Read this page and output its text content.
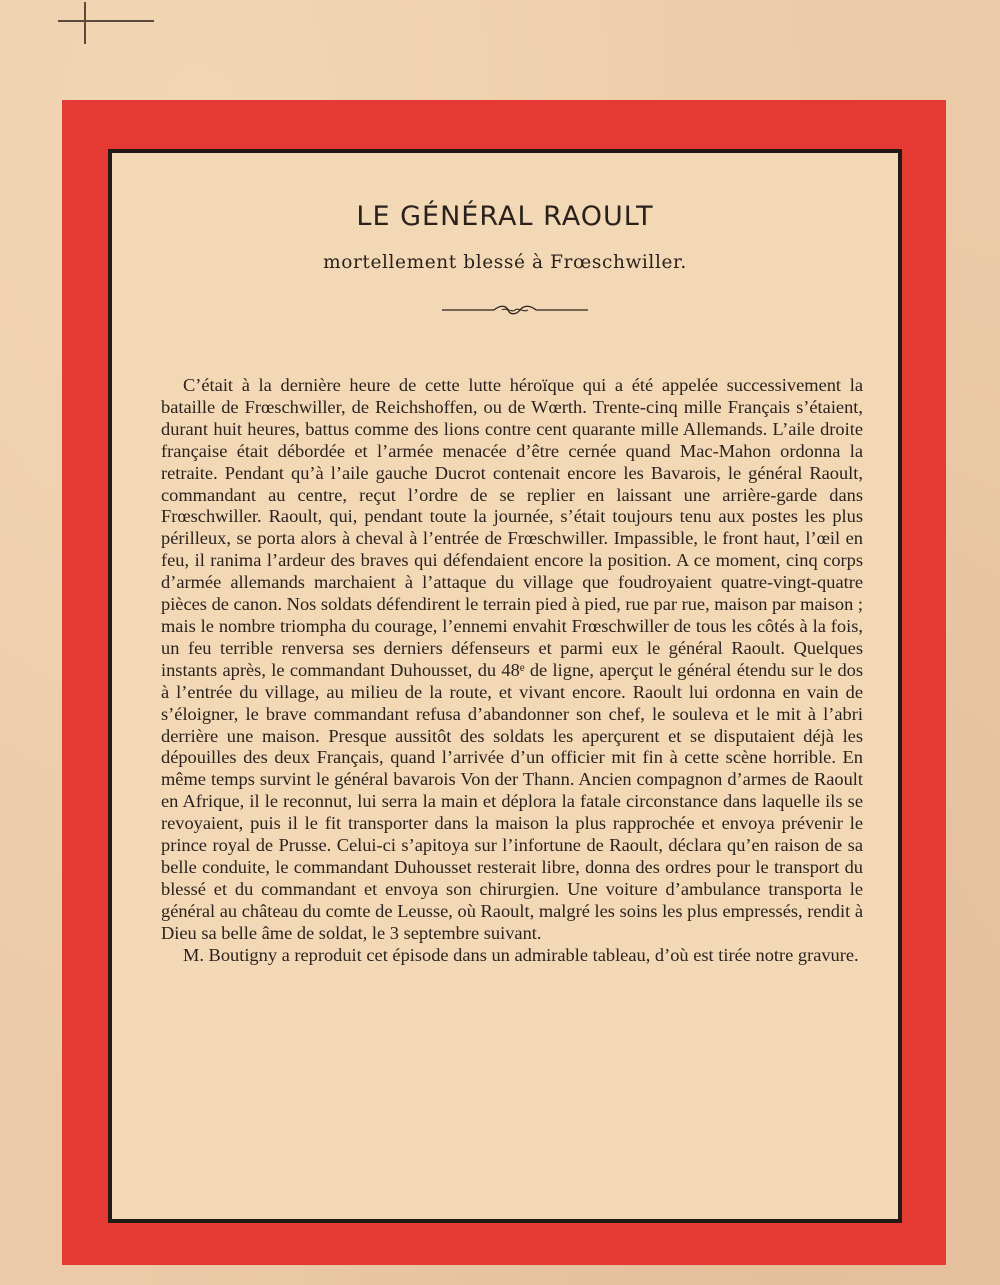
LE GÉNÉRAL RAOULT
mortellement blessé à Frœschwiller.

C’était à la dernière heure de cette lutte héroïque qui a été appelée successivement la bataille de Frœschwiller, de Reichshoffen, ou de Wœrth. Trente-cinq mille Français s’étaient, durant huit heures, battus comme des lions contre cent quarante mille Allemands. L’aile droite française était débordée et l’armée menacée d’être cernée quand Mac-Mahon ordonna la retraite. Pendant qu’à l’aile gauche Ducrot contenait encore les Bavarois, le général Raoult, commandant au centre, reçut l’ordre de se replier en laissant une arrière-garde dans Frœschwiller. Raoult, qui, pendant toute la journée, s’était toujours tenu aux postes les plus périlleux, se porta alors à cheval à l’entrée de Frœschwiller. Impassible, le front haut, l’œil en feu, il ranima l’ardeur des braves qui défendaient encore la position. A ce moment, cinq corps d’armée allemands marchaient à l’attaque du village que foudroyaient quatre-vingt-quatre pièces de canon. Nos soldats défendirent le terrain pied à pied, rue par rue, maison par maison ; mais le nombre triompha du courage, l’ennemi envahit Frœschwiller de tous les côtés à la fois, un feu terrible renversa ses derniers défenseurs et parmi eux le général Raoult. Quelques instants après, le commandant Duhousset, du 48ᵉ de ligne, aperçut le général étendu sur le dos à l’entrée du village, au milieu de la route, et vivant encore. Raoult lui ordonna en vain de s’éloigner, le brave commandant refusa d’abandonner son chef, le souleva et le mit à l’abri derrière une maison. Presque aussitôt des soldats les aperçurent et se disputaient déjà les dépouilles des deux Français, quand l’arrivée d’un officier mit fin à cette scène horrible. En même temps survint le général bavarois Von der Thann. Ancien compagnon d’armes de Raoult en Afrique, il le reconnut, lui serra la main et déplora la fatale circonstance dans laquelle ils se revoyaient, puis il le fit transporter dans la maison la plus rapprochée et envoya prévenir le prince royal de Prusse. Celui-ci s’apitoya sur l’infortune de Raoult, déclara qu’en raison de sa belle conduite, le commandant Duhousset resterait libre, donna des ordres pour le transport du blessé et du commandant et envoya son chirurgien. Une voiture d’ambulance transporta le général au château du comte de Leusse, où Raoult, malgré les soins les plus empressés, rendit à Dieu sa belle âme de soldat, le 3 septembre suivant.

M. Boutigny a reproduit cet épisode dans un admirable tableau, d’où est tirée notre gravure.
